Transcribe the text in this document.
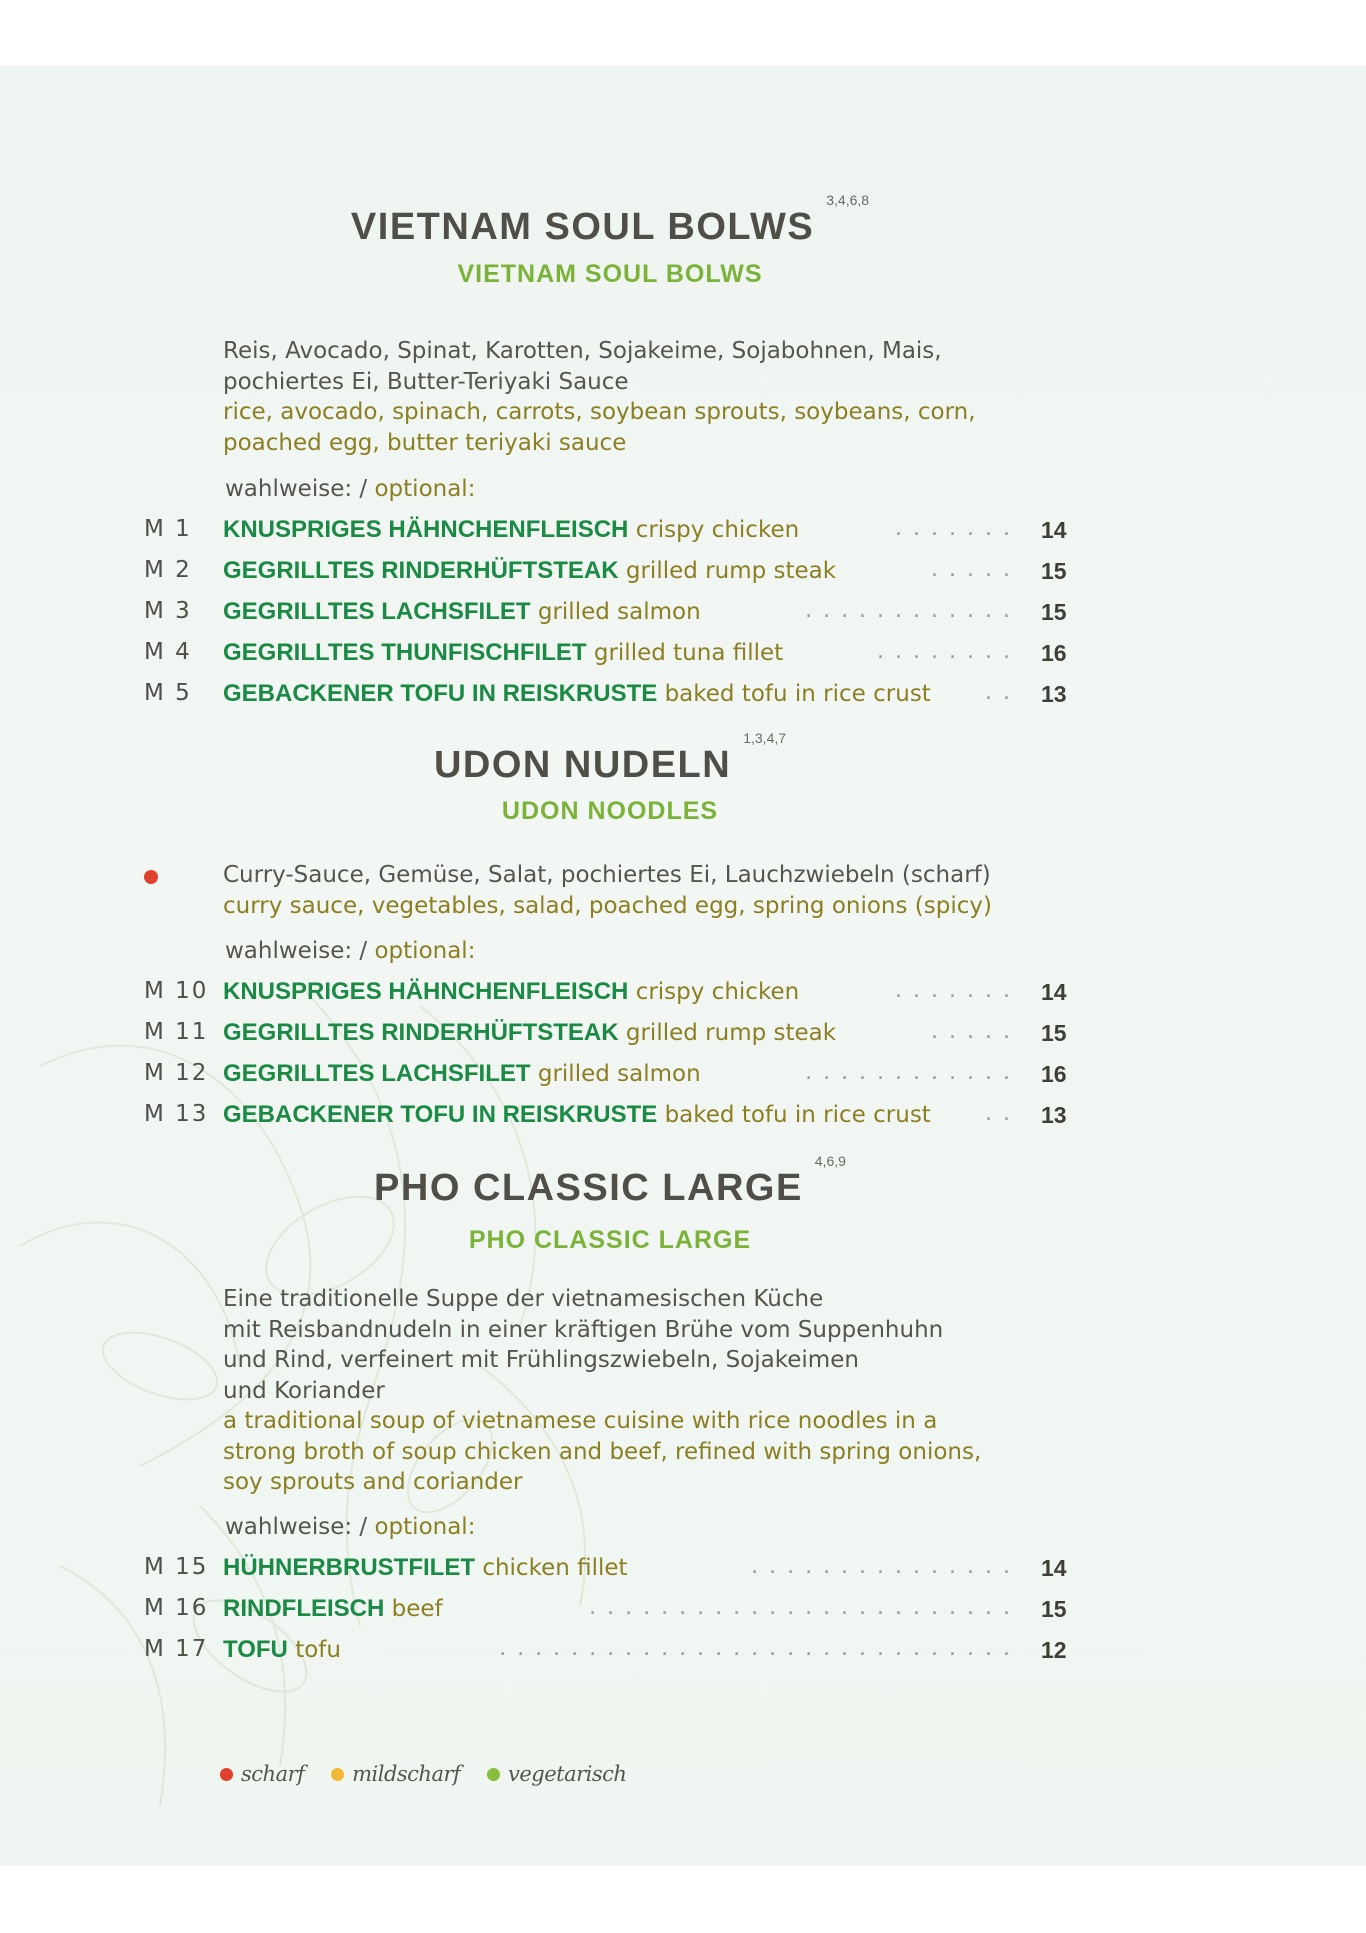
VIETNAM SOUL BOLWS$^{3,4,6,8}$
VIETNAM SOUL BOLWS
Reis, Avocado, Spinat, Karotten, Sojakeime, Sojabohnen, Mais,
pochiertes Ei, Butter-Teriyaki Sauce
rice, avocado, spinach, carrots, soybean sprouts, soybeans, corn,
poached egg, butter teriyaki sauce
wahlweise: / optional:
M 1 KNUSPRIGES HÄHNCHENFLEISCH crispy chicken	....... 14
M 2 GEGRILLTES RINDERHÜFTSTEAK grilled rump steak	..... 15
M 3 GEGRILLTES LACHSFILET grilled salmon	............ 15
M 4 GEGRILLTES THUNFISCHFILET grilled tuna fillet	........ 16
M 5 GEBACKENER TOFU IN REISKRUSTE baked tofu in rice crust	.. 13
UDON NUDELN$^{1,3,4,7}$
UDON NOODLES
Curry-Sauce, Gemüse, Salat, pochiertes Ei, Lauchzwiebeln (scharf)
curry sauce, vegetables, salad, poached egg, spring onions (spicy)
wahlweise: / optional:
M 10 KNUSPRIGES HÄHNCHENFLEISCH crispy chicken	....... 14
M 11 GEGRILLTES RINDERHÜFTSTEAK grilled rump steak	..... 15
M 12 GEGRILLTES LACHSFILET grilled salmon	............ 16
M 13 GEBACKENER TOFU IN REISKRUSTE baked tofu in rice crust	.. 13
PHO CLASSIC LARGE$^{4,6,9}$
PHO CLASSIC LARGE
Eine traditionelle Suppe der vietnamesischen Küche
mit Reisbandnudeln in einer kräftigen Brühe vom Suppenhuhn
und Rind, verfeinert mit Frühlingszwiebeln, Sojakeimen
und Koriander
a traditional soup of vietnamese cuisine with rice noodles in a
strong broth of soup chicken and beef, refined with spring onions,
soy sprouts and coriander
wahlweise: / optional:
M 15 HÜHNERBRUSTFILET chicken fillet	............... 14
M 16 RINDFLEISCH beef	........................ 15
M 17 TOFU tofu	............................. 12
scharf mildscharf vegetarisch
